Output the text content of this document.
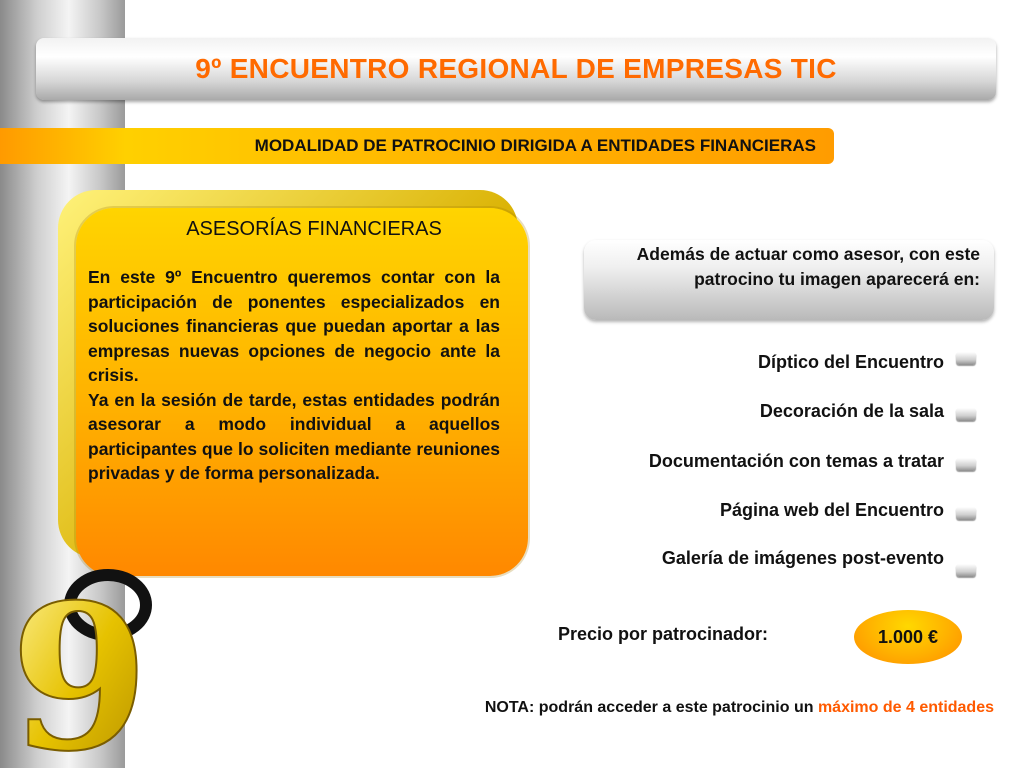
9º ENCUENTRO REGIONAL DE EMPRESAS TIC
MODALIDAD DE PATROCINIO DIRIGIDA A ENTIDADES FINANCIERAS
ASESORÍAS FINANCIERAS

En este 9º Encuentro queremos contar con la participación de ponentes especializados en soluciones financieras que puedan aportar a las empresas nuevas opciones de negocio ante la crisis.

Ya en la sesión de tarde, estas entidades podrán asesorar a modo individual a aquellos participantes que lo soliciten mediante reuniones privadas y de forma personalizada.

Además de actuar como asesor, con este patrocino tu imagen aparecerá en:
Díptico del Encuentro
Decoración de la sala
Documentación con temas a tratar
Página web del Encuentro
Galería de imágenes post-evento
Precio por patrocinador:	1.000 €
NOTA: podrán acceder a este patrocinio un máximo de 4 entidades
9
